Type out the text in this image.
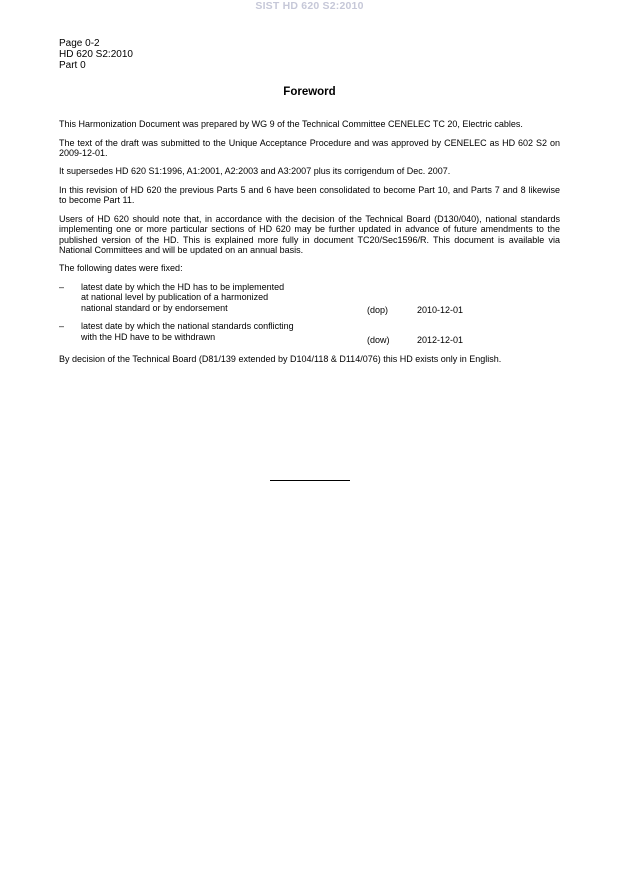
SIST HD 620 S2:2010
Page 0-2
HD 620 S2:2010
Part 0
Foreword

This Harmonization Document was prepared by WG 9 of the Technical Committee CENELEC TC 20, Electric cables.

The text of the draft was submitted to the Unique Acceptance Procedure and was approved by CENELEC as HD 602 S2 on 2009-12-01.

It supersedes HD 620 S1:1996, A1:2001, A2:2003 and A3:2007 plus its corrigendum of Dec. 2007.

In this revision of HD 620 the previous Parts 5 and 6 have been consolidated to become Part 10, and Parts 7 and 8 likewise to become Part 11.

Users of HD 620 should note that, in accordance with the decision of the Technical Board (D130/040), national standards implementing one or more particular sections of HD 620 may be further updated in advance of future amendments to the published version of the HD. This is explained more fully in document TC20/Sec1596/R. This document is available via National Committees and will be updated on an annual basis.

The following dates were fixed:

–	latest date by which the HD has to be implemented
at national level by publication of a harmonized
national standard or by endorsement	(dop)	2010-12-01
–	latest date by which the national standards conflicting
with the HD have to be withdrawn	(dow)	2012-12-01

By decision of the Technical Board (D81/139 extended by D104/118 & D114/076) this HD exists only in English.
